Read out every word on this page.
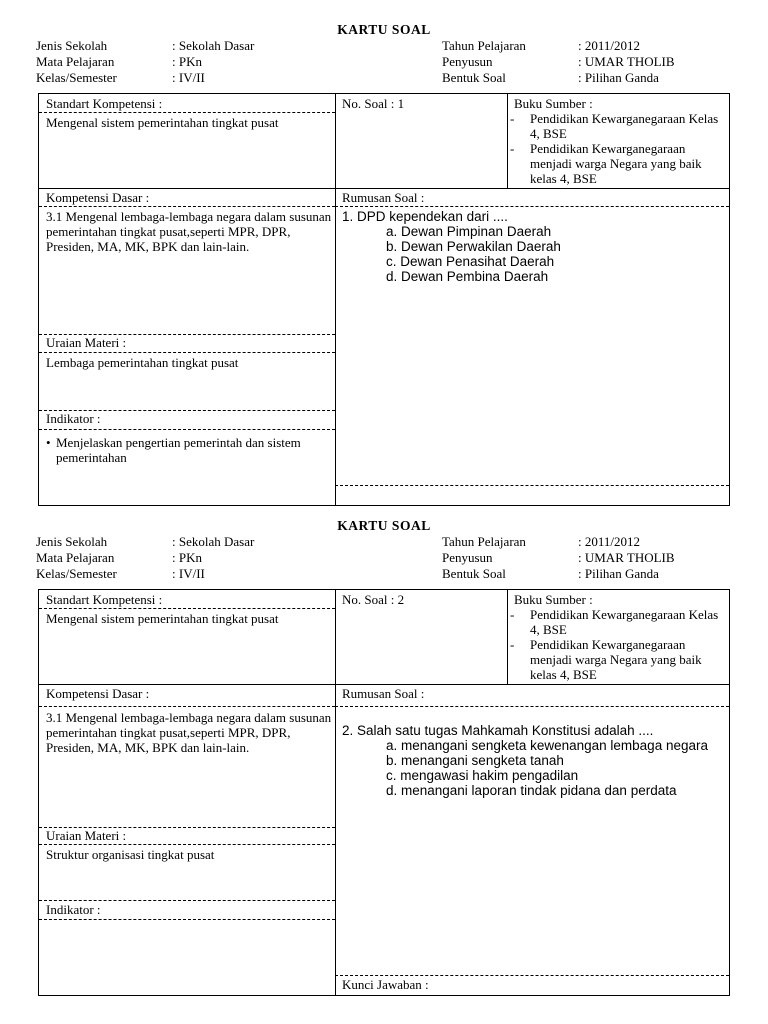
KARTU SOAL
Jenis Sekolah	: Sekolah Dasar
Mata Pelajaran	: PKn
Kelas/Semester	: IV/II
Tahun Pelajaran	: 2011/2012
Penyusun	: UMAR THOLIB
Bentuk Soal	: Pilihan Ganda
Standart Kompetensi :
Mengenal sistem pemerintahan tingkat pusat
Kompetensi Dasar :
3.1 Mengenal lembaga-lembaga negara dalam susunan pemerintahan tingkat pusat,seperti MPR, DPR, Presiden, MA, MK, BPK dan lain-lain.
Uraian Materi :
Lembaga pemerintahan tingkat pusat
Indikator :
• Menjelaskan pengertian pemerintah dan sistem pemerintahan
No. Soal : 1	Buku Sumber :
- Pendidikan Kewarganegaraan Kelas 4, BSE
- Pendidikan Kewarganegaraan menjadi warga Negara yang baik kelas 4, BSE
Rumusan Soal :
1. DPD kependekan dari ....
a. Dewan Pimpinan Daerah
b. Dewan Perwakilan Daerah
c. Dewan Penasihat Daerah
d. Dewan Pembina Daerah
KARTU SOAL
Jenis Sekolah	: Sekolah Dasar
Mata Pelajaran	: PKn
Kelas/Semester	: IV/II
Tahun Pelajaran	: 2011/2012
Penyusun	: UMAR THOLIB
Bentuk Soal	: Pilihan Ganda
Standart Kompetensi :
Mengenal sistem pemerintahan tingkat pusat
Kompetensi Dasar :
3.1 Mengenal lembaga-lembaga negara dalam susunan pemerintahan tingkat pusat,seperti MPR, DPR, Presiden, MA, MK, BPK dan lain-lain.
Uraian Materi :
Struktur organisasi tingkat pusat
Indikator :
No. Soal : 2	Buku Sumber :
- Pendidikan Kewarganegaraan Kelas 4, BSE
- Pendidikan Kewarganegaraan menjadi warga Negara yang baik kelas 4, BSE
Rumusan Soal :
2. Salah satu tugas Mahkamah Konstitusi adalah ....
a. menangani sengketa kewenangan lembaga negara
b. menangani sengketa tanah
c. mengawasi hakim pengadilan
d. menangani laporan tindak pidana dan perdata
Kunci Jawaban :
